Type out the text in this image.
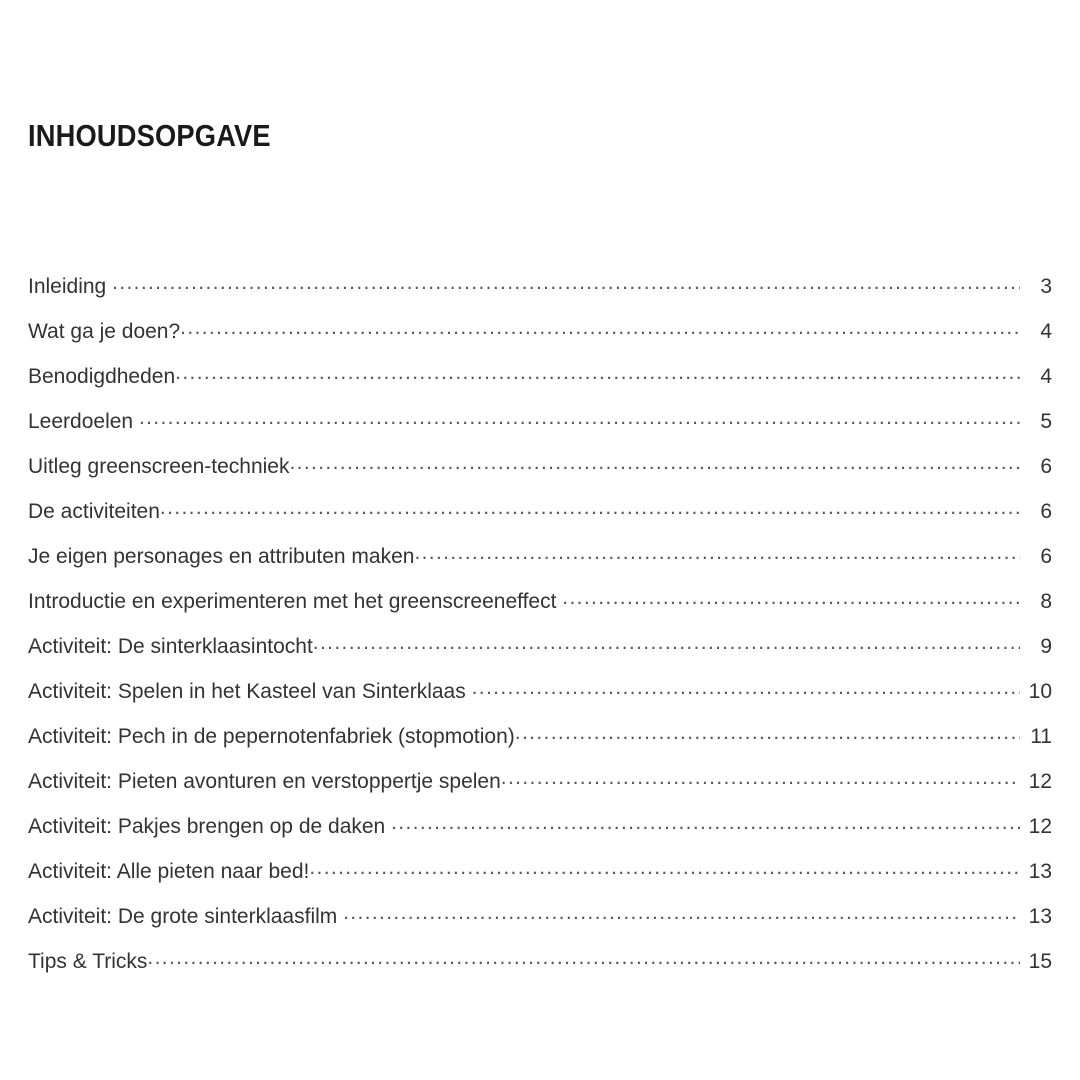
INHOUDSOPGAVE
Inleiding .....	3
Wat ga je doen? .....	4
Benodigdheden .....	4
Leerdoelen .....	5
Uitleg greenscreen-techniek .....	6
De activiteiten .....	6
Je eigen personages en attributen maken .....	6
Introductie en experimenteren met het greenscreeneffect .....	8
Activiteit: De sinterklaasintocht .....	9
Activiteit: Spelen in het Kasteel van Sinterklaas .....	10
Activiteit: Pech in de pepernotenfabriek (stopmotion) .....	11
Activiteit: Pieten avonturen en verstoppertje spelen .....	12
Activiteit: Pakjes brengen op de daken .....	12
Activiteit: Alle pieten naar bed! .....	13
Activiteit: De grote sinterklaasfilm .....	13
Tips & Tricks .....	15
